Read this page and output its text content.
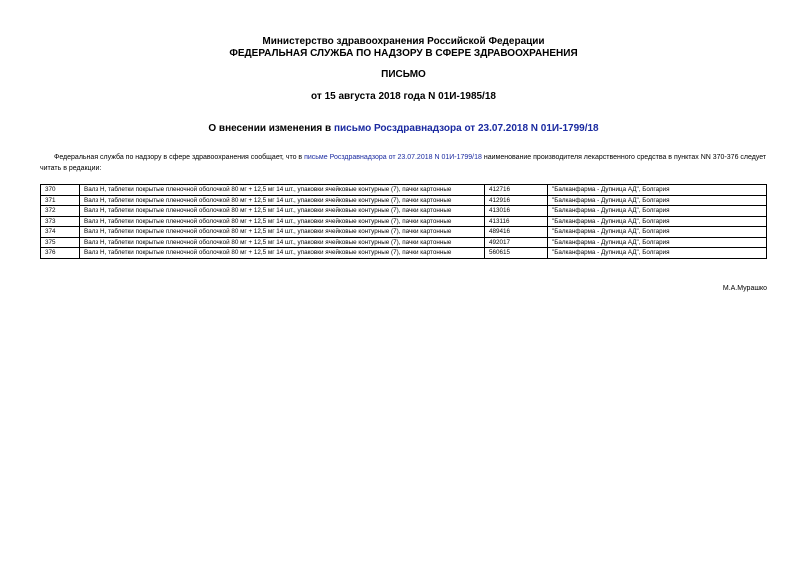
Министерство здравоохранения Российской Федерации
ФЕДЕРАЛЬНАЯ СЛУЖБА ПО НАДЗОРУ В СФЕРЕ ЗДРАВООХРАНЕНИЯ
ПИСЬМО
от 15 августа 2018 года N 01И-1985/18
О внесении изменения в письмо Росздравнадзора от 23.07.2018 N 01И-1799/18
Федеральная служба по надзору в сфере здравоохранения сообщает, что в письме Росздравнадзора от 23.07.2018 N 01И-1799/18 наименование производителя лекарственного средства в пунктах NN 370-376 следует читать в редакции:
370	Валз Н, таблетки покрытые пленочной оболочкой 80 мг + 12,5 мг 14 шт., упаковки ячейковые контурные (7), пачки картонные	412716	"Балканфарма - Дупница АД", Болгария
371	Валз Н, таблетки покрытые пленочной оболочкой 80 мг + 12,5 мг 14 шт., упаковки ячейковые контурные (7), пачки картонные	412916	"Балканфарма - Дупница АД", Болгария
372	Валз Н, таблетки покрытые пленочной оболочкой 80 мг + 12,5 мг 14 шт., упаковки ячейковые контурные (7), пачки картонные	413016	"Балканфарма - Дупница АД", Болгария
373	Валз Н, таблетки покрытые пленочной оболочкой 80 мг + 12,5 мг 14 шт., упаковки ячейковые контурные (7), пачки картонные	413116	"Балканфарма - Дупница АД", Болгария
374	Валз Н, таблетки покрытые пленочной оболочкой 80 мг + 12,5 мг 14 шт., упаковки ячейковые контурные (7), пачки картонные	489416	"Балканфарма - Дупница АД", Болгария
375	Валз Н, таблетки покрытые пленочной оболочкой 80 мг + 12,5 мг 14 шт., упаковки ячейковые контурные (7), пачки картонные	492017	"Балканфарма - Дупница АД", Болгария
376	Валз Н, таблетки покрытые пленочной оболочкой 80 мг + 12,5 мг 14 шт., упаковки ячейковые контурные (7), пачки картонные	560615	"Балканфарма - Дупница АД", Болгария
М.А.Мурашко
